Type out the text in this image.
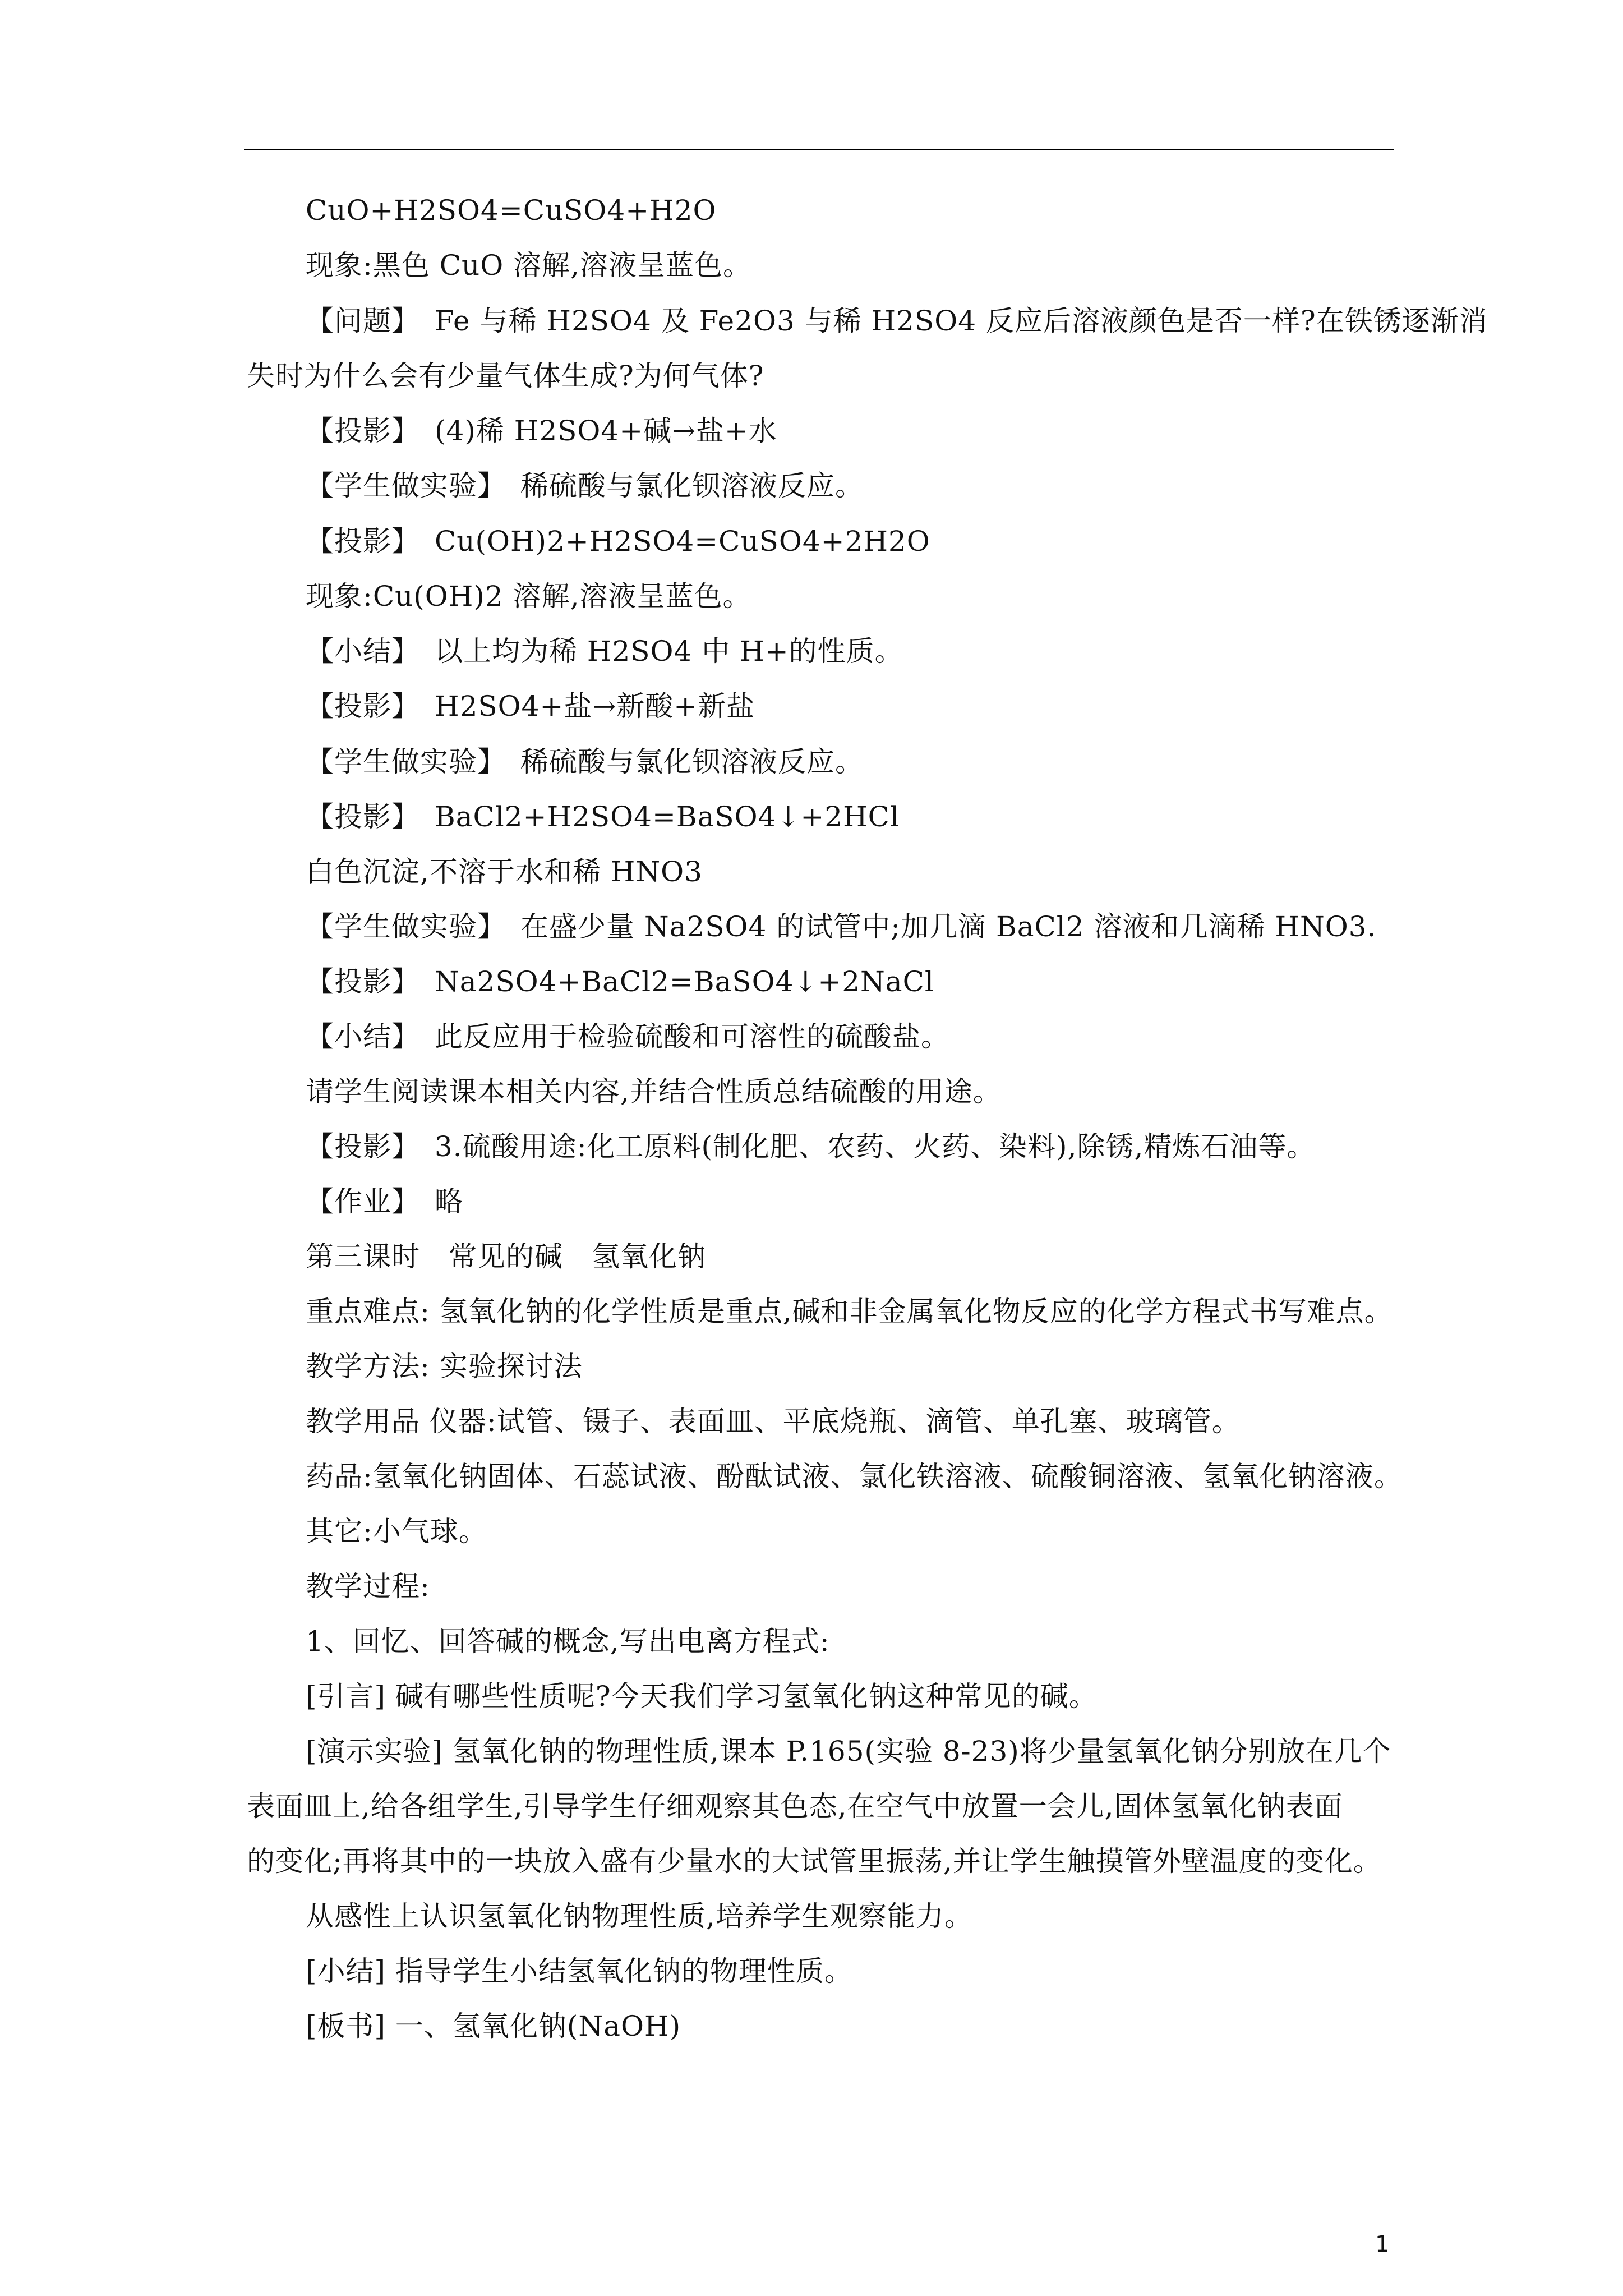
CuO+H2SO4=CuSO4+H2O
现象:黑色 CuO 溶解,溶液呈蓝色。
【问题】　Fe 与稀 H2SO4 及 Fe2O3 与稀 H2SO4 反应后溶液颜色是否一样?在铁锈逐渐消
失时为什么会有少量气体生成?为何气体?
【投影】　(4)稀 H2SO4+碱→盐+水
【学生做实验】　稀硫酸与氯化钡溶液反应。
【投影】　Cu(OH)2+H2SO4=CuSO4+2H2O
现象:Cu(OH)2 溶解,溶液呈蓝色。
【小结】　以上均为稀 H2SO4 中 H+的性质。
【投影】　H2SO4+盐→新酸+新盐
【学生做实验】　稀硫酸与氯化钡溶液反应。
【投影】　BaCl2+H2SO4=BaSO4↓+2HCl
白色沉淀,不溶于水和稀 HNO3
【学生做实验】　在盛少量 Na2SO4 的试管中;加几滴 BaCl2 溶液和几滴稀 HNO3.
【投影】　Na2SO4+BaCl2=BaSO4↓+2NaCl
【小结】　此反应用于检验硫酸和可溶性的硫酸盐。
请学生阅读课本相关内容,并结合性质总结硫酸的用途。
【投影】　3.硫酸用途:化工原料(制化肥、农药、火药、染料),除锈,精炼石油等。
【作业】　略
第三课时　常见的碱　氢氧化钠
重点难点: 氢氧化钠的化学性质是重点,碱和非金属氧化物反应的化学方程式书写难点。
教学方法: 实验探讨法
教学用品 仪器:试管、镊子、表面皿、平底烧瓶、滴管、单孔塞、玻璃管。
药品:氢氧化钠固体、石蕊试液、酚酞试液、氯化铁溶液、硫酸铜溶液、氢氧化钠溶液。
其它:小气球。
教学过程:
1、回忆、回答碱的概念,写出电离方程式:
[引言] 碱有哪些性质呢?今天我们学习氢氧化钠这种常见的碱。
[演示实验] 氢氧化钠的物理性质,课本 P.165(实验 8-23)将少量氢氧化钠分别放在几个
表面皿上,给各组学生,引导学生仔细观察其色态,在空气中放置一会儿,固体氢氧化钠表面
的变化;再将其中的一块放入盛有少量水的大试管里振荡,并让学生触摸管外壁温度的变化。
从感性上认识氢氧化钠物理性质,培养学生观察能力。
[小结] 指导学生小结氢氧化钠的物理性质。
[板书] 一、氢氧化钠(NaOH)
1
